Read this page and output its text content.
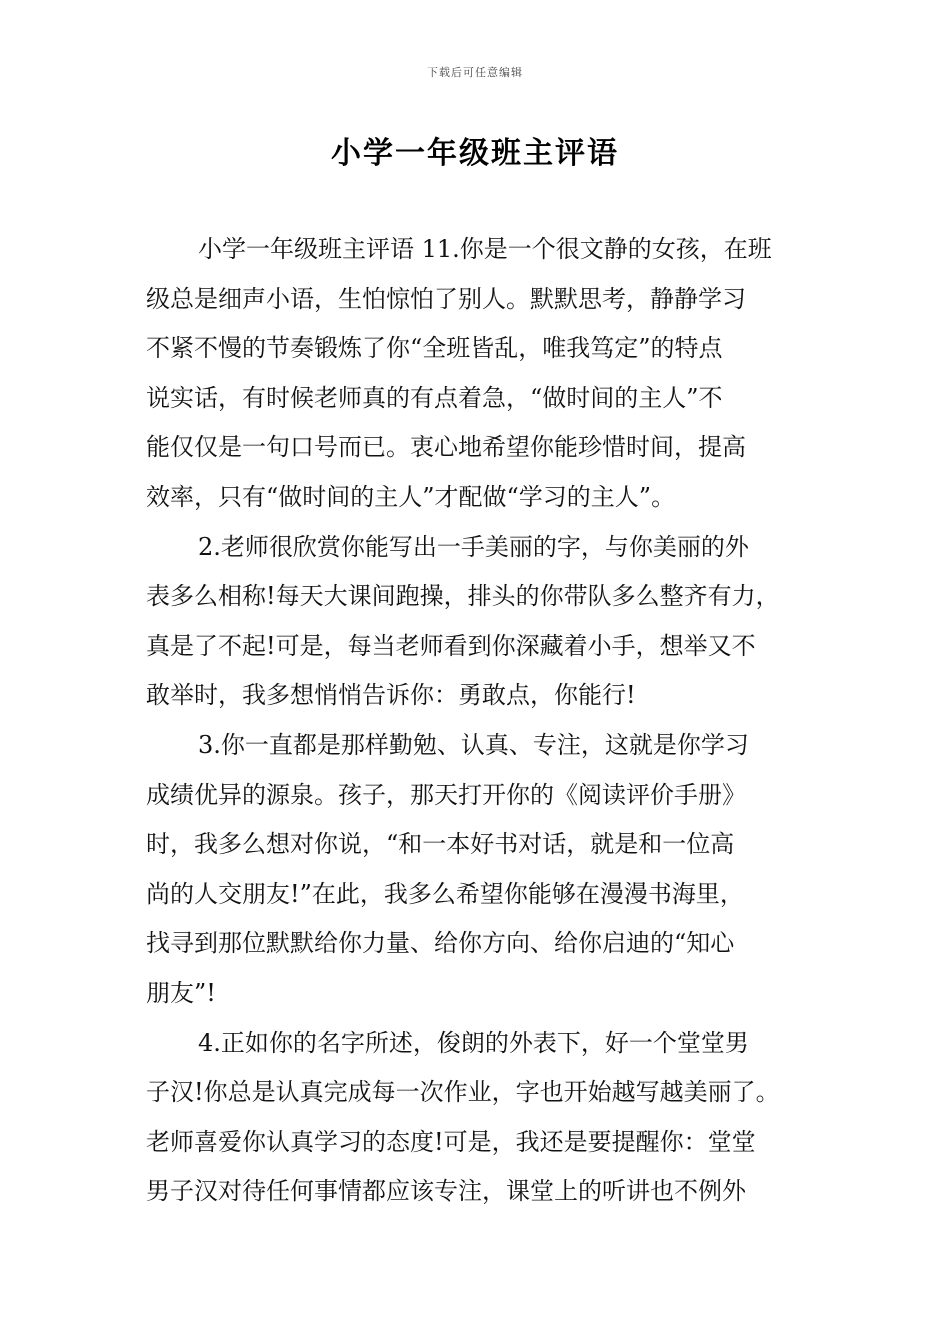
下载后可任意编辑
小学一年级班主评语
小学一年级班主评语 11.你是一个很文静的女孩，在班
级总是细声小语，生怕惊怕了别人。默默思考，静静学习
不紧不慢的节奏锻炼了你“全班皆乱，唯我笃定”的特点
说实话，有时候老师真的有点着急，“做时间的主人”不
能仅仅是一句口号而已。衷心地希望你能珍惜时间，提高
效率，只有“做时间的主人”才配做“学习的主人”。
2.老师很欣赏你能写出一手美丽的字，与你美丽的外
表多么相称!每天大课间跑操，排头的你带队多么整齐有力，
真是了不起!可是，每当老师看到你深藏着小手，想举又不
敢举时，我多想悄悄告诉你：勇敢点，你能行!
3.你一直都是那样勤勉、认真、专注，这就是你学习
成绩优异的源泉。孩子，那天打开你的《阅读评价手册》
时，我多么想对你说，“和一本好书对话，就是和一位高
尚的人交朋友!”在此，我多么希望你能够在漫漫书海里，
找寻到那位默默给你力量、给你方向、给你启迪的“知心
朋友”!
4.正如你的名字所述，俊朗的外表下，好一个堂堂男
子汉!你总是认真完成每一次作业，字也开始越写越美丽了。
老师喜爱你认真学习的态度!可是，我还是要提醒你：堂堂
男子汉对待任何事情都应该专注，课堂上的听讲也不例外
